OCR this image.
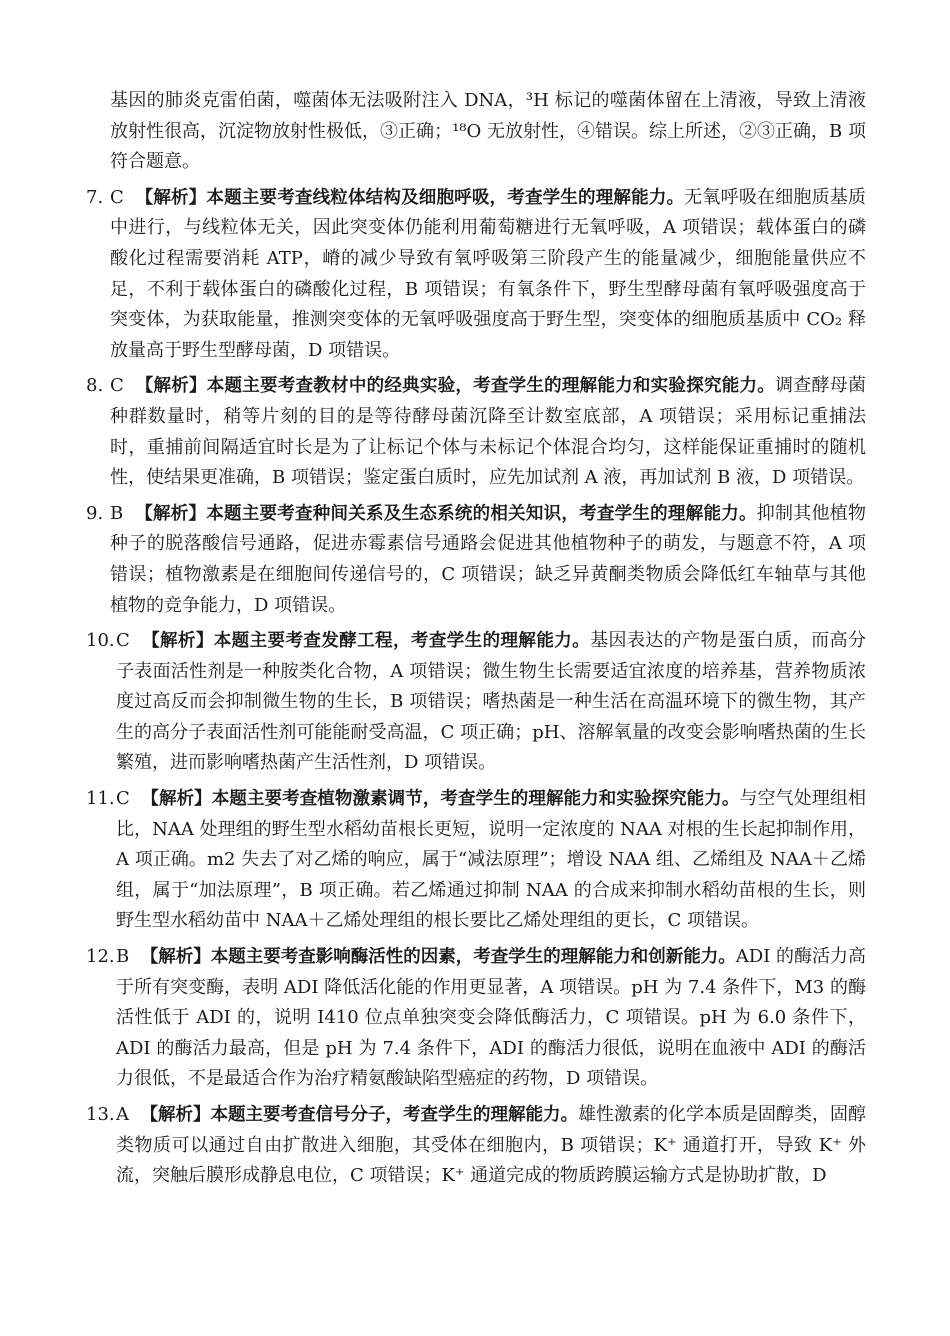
基因的肺炎克雷伯菌，噬菌体无法吸附注入 DNA，³H 标记的噬菌体留在上清液，导致上清液放射性很高，沉淀物放射性极低，③正确；¹⁸O 无放射性，④错误。综上所述，②③正确，B 项符合题意。

7. C 【解析】本题主要考查线粒体结构及细胞呼吸，考查学生的理解能力。无氧呼吸在细胞质基质中进行，与线粒体无关，因此突变体仍能利用葡萄糖进行无氧呼吸，A 项错误；载体蛋白的磷酸化过程需要消耗 ATP，嵴的减少导致有氧呼吸第三阶段产生的能量减少，细胞能量供应不足，不利于载体蛋白的磷酸化过程，B 项错误；有氧条件下，野生型酵母菌有氧呼吸强度高于突变体，为获取能量，推测突变体的无氧呼吸强度高于野生型，突变体的细胞质基质中 CO₂ 释放量高于野生型酵母菌，D 项错误。

8. C 【解析】本题主要考查教材中的经典实验，考查学生的理解能力和实验探究能力。调查酵母菌种群数量时，稍等片刻的目的是等待酵母菌沉降至计数室底部，A 项错误；采用标记重捕法时，重捕前间隔适宜时长是为了让标记个体与未标记个体混合均匀，这样能保证重捕时的随机性，使结果更准确，B 项错误；鉴定蛋白质时，应先加试剂 A 液，再加试剂 B 液，D 项错误。

9. B 【解析】本题主要考查种间关系及生态系统的相关知识，考查学生的理解能力。抑制其他植物种子的脱落酸信号通路，促进赤霉素信号通路会促进其他植物种子的萌发，与题意不符，A 项错误；植物激素是在细胞间传递信号的，C 项错误；缺乏异黄酮类物质会降低红车轴草与其他植物的竞争能力，D 项错误。

10. C 【解析】本题主要考查发酵工程，考查学生的理解能力。基因表达的产物是蛋白质，而高分子表面活性剂是一种胺类化合物，A 项错误；微生物生长需要适宜浓度的培养基，营养物质浓度过高反而会抑制微生物的生长，B 项错误；嗜热菌是一种生活在高温环境下的微生物，其产生的高分子表面活性剂可能能耐受高温，C 项正确；pH、溶解氧量的改变会影响嗜热菌的生长繁殖，进而影响嗜热菌产生活性剂，D 项错误。

11. C 【解析】本题主要考查植物激素调节，考查学生的理解能力和实验探究能力。与空气处理组相比，NAA 处理组的野生型水稻幼苗根长更短，说明一定浓度的 NAA 对根的生长起抑制作用，A 项正确。m2 失去了对乙烯的响应，属于“减法原理”；增设 NAA 组、乙烯组及 NAA＋乙烯组，属于“加法原理”，B 项正确。若乙烯通过抑制 NAA 的合成来抑制水稻幼苗根的生长，则野生型水稻幼苗中 NAA＋乙烯处理组的根长要比乙烯处理组的更长，C 项错误。

12. B 【解析】本题主要考查影响酶活性的因素，考查学生的理解能力和创新能力。ADI 的酶活力高于所有突变酶，表明 ADI 降低活化能的作用更显著，A 项错误。pH 为 7.4 条件下，M3 的酶活性低于 ADI 的，说明 I410 位点单独突变会降低酶活力，C 项错误。pH 为 6.0 条件下，ADI 的酶活力最高，但是 pH 为 7.4 条件下，ADI 的酶活力很低，说明在血液中 ADI 的酶活力很低，不是最适合作为治疗精氨酸缺陷型癌症的药物，D 项错误。

13. A 【解析】本题主要考查信号分子，考查学生的理解能力。雄性激素的化学本质是固醇类，固醇类物质可以通过自由扩散进入细胞，其受体在细胞内，B 项错误；K⁺ 通道打开，导致 K⁺ 外流，突触后膜形成静息电位，C 项错误；K⁺ 通道完成的物质跨膜运输方式是协助扩散，D
